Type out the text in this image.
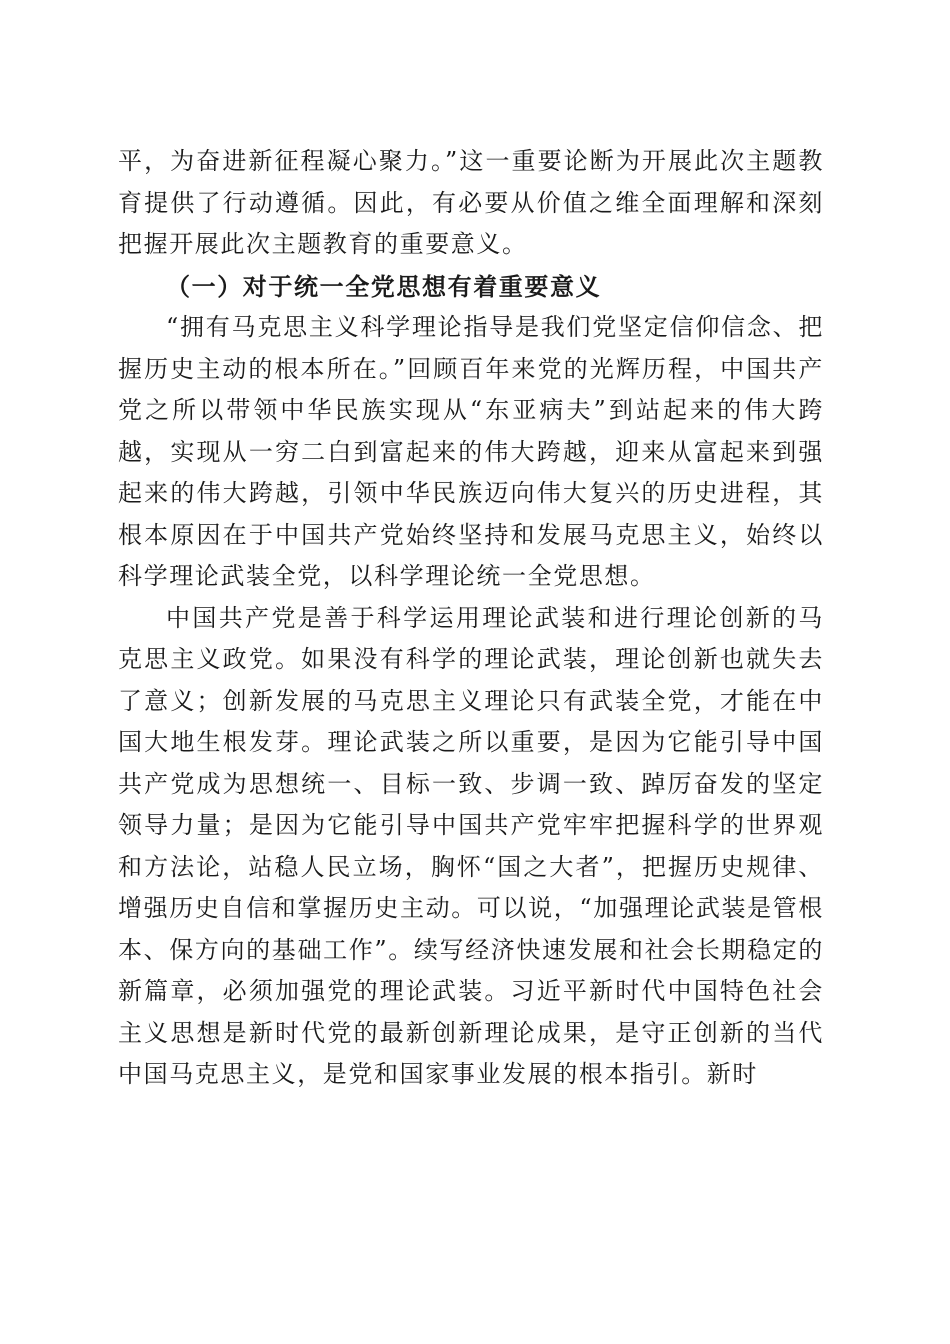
平，为奋进新征程凝心聚力。”这一重要论断为开展此次主题教育提供了行动遵循。因此，有必要从价值之维全面理解和深刻把握开展此次主题教育的重要意义。

（一）对于统一全党思想有着重要意义

“拥有马克思主义科学理论指导是我们党坚定信仰信念、把握历史主动的根本所在。”回顾百年来党的光辉历程，中国共产党之所以带领中华民族实现从“东亚病夫”到站起来的伟大跨越，实现从一穷二白到富起来的伟大跨越，迎来从富起来到强起来的伟大跨越，引领中华民族迈向伟大复兴的历史进程，其根本原因在于中国共产党始终坚持和发展马克思主义，始终以科学理论武装全党，以科学理论统一全党思想。

中国共产党是善于科学运用理论武装和进行理论创新的马克思主义政党。如果没有科学的理论武装，理论创新也就失去了意义；创新发展的马克思主义理论只有武装全党，才能在中国大地生根发芽。理论武装之所以重要，是因为它能引导中国共产党成为思想统一、目标一致、步调一致、踔厉奋发的坚定领导力量；是因为它能引导中国共产党牢牢把握科学的世界观和方法论，站稳人民立场，胸怀“国之大者”，把握历史规律、增强历史自信和掌握历史主动。可以说，“加强理论武装是管根本、保方向的基础工作”。续写经济快速发展和社会长期稳定的新篇章，必须加强党的理论武装。习近平新时代中国特色社会主义思想是新时代党的最新创新理论成果，是守正创新的当代中国马克思主义，是党和国家事业发展的根本指引。新时
